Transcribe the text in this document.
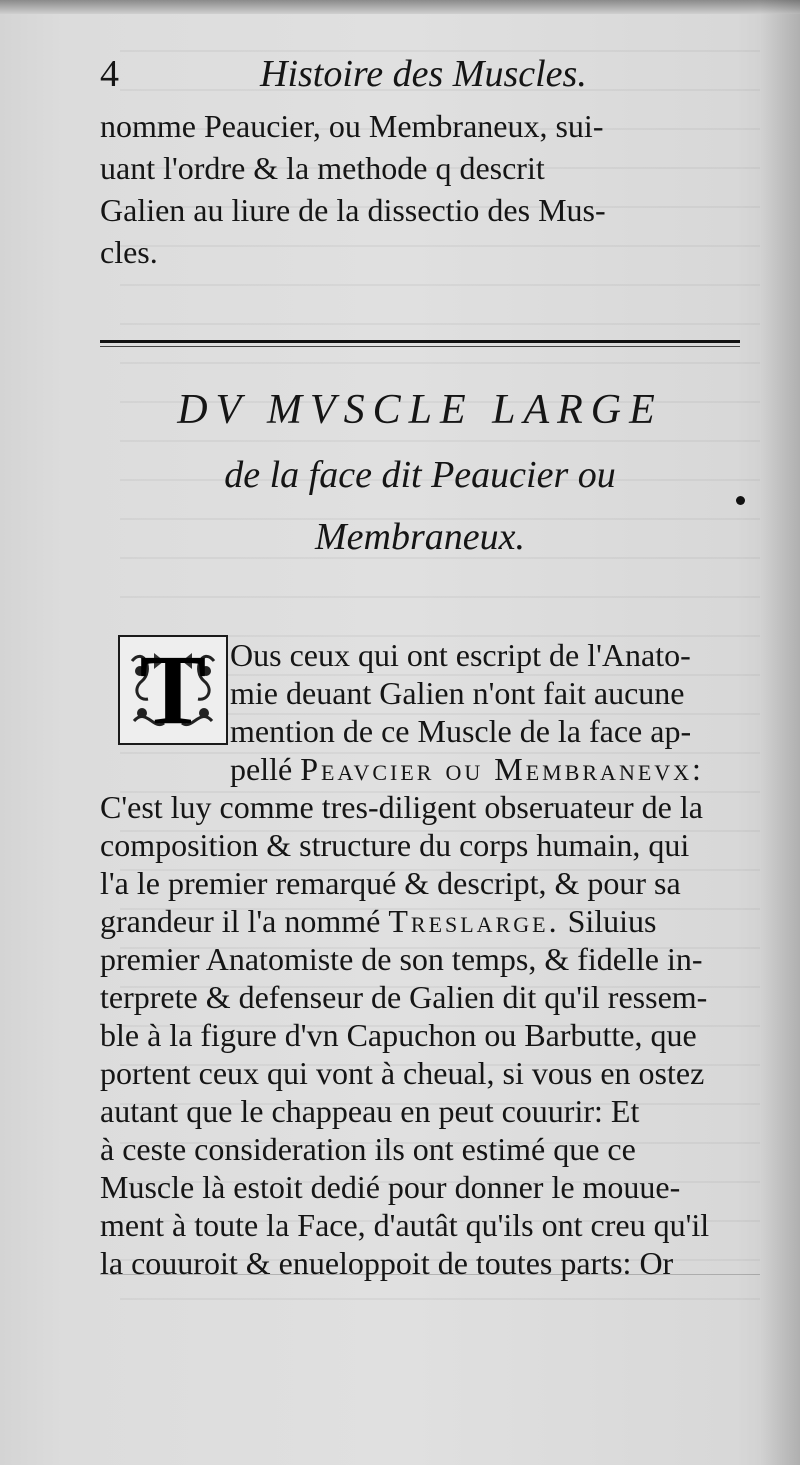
4	Histoire des Muscles.
nomme Peaucier, ou Membraneux, sui-
uant l'ordre & la methode q descrit
Galien au liure de la dissectio des Mus-
cles.
DV MVSCLE LARGE
de la face dit Peaucier ou
Membraneux.
T Ous ceux qui ont escript de l'Anato-
mie deuant Galien n'ont fait aucune
mention de ce Muscle de la face ap-
pellé Peavcier ou Membranevx:
C'est luy comme tres-diligent obseruateur de la
composition & structure du corps humain, qui
l'a le premier remarqué & descript, & pour sa
grandeur il l'a nommé Treslarge. Siluius
premier Anatomiste de son temps, & fidelle in-
terprete & defenseur de Galien dit qu'il ressem-
ble à la figure d'vn Capuchon ou Barbutte, que
portent ceux qui vont à cheual, si vous en ostez
autant que le chappeau en peut couurir: Et
à ceste consideration ils ont estimé que ce
Muscle là estoit dedié pour donner le mouue-
ment à toute la Face, d'autât qu'ils ont creu qu'il
la couuroit & enueloppoit de toutes parts: Or
